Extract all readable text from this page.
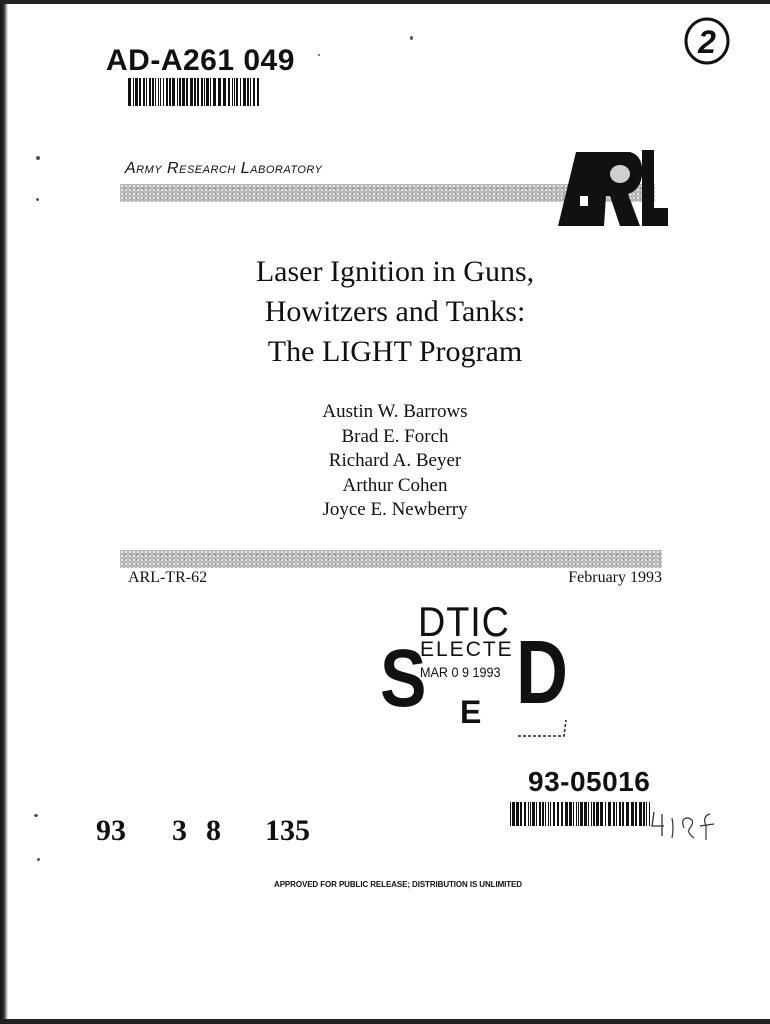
AD-A261 049
2
Army Research Laboratory
Laser Ignition in Guns,
Howitzers and Tanks:
The LIGHT Program
Austin W. Barrows
Brad E. Forch
Richard A. Beyer
Arthur Cohen
Joyce E. Newberry
ARL-TR-62	February 1993
DTIC
ELECTE
MAR 0 9 1993
S D
E
93-05016
93 3 8 135
APPROVED FOR PUBLIC RELEASE; DISTRIBUTION IS UNLIMITED
